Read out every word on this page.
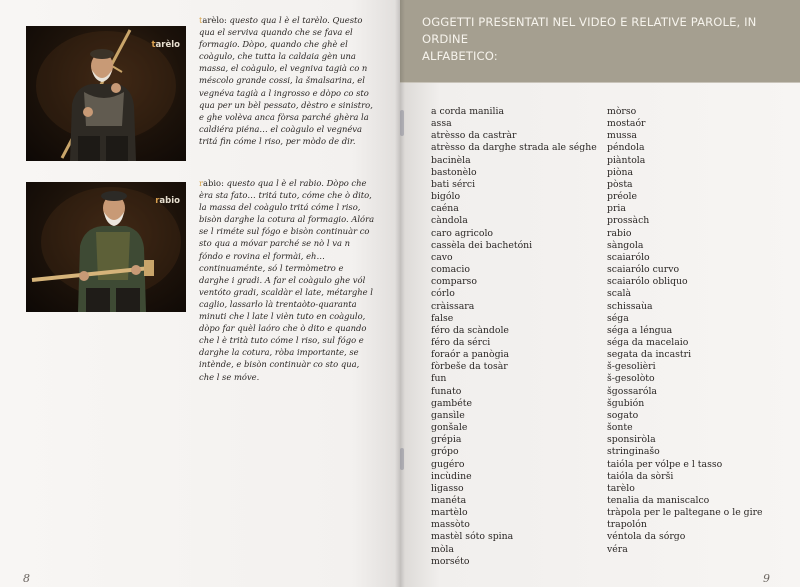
tarèlo
tarèlo: questo qua l è el tarèlo. Questo qua el serviva quando che se fava el formagio. Dòpo, quando che ghè el coàgulo, che tutta la caldaia gèn una massa, el coàgulo, el vegniva tagià co n méscolo grande cossi, la šmalsarina, el vegnéva tagià a l ingrosso e dòpo co sto qua per un bèl pessato, dèstro e sinistro, e ghe volèva anca fòrsa parché ghèra la caldiéra piéna… el coàgulo el vegnéva tritá fin cóme l riso, per mòdo de dir.
rabio
rabio: questo qua l è el rabio. Dòpo che èra sta fato… tritá tuto, cóme che ò dito, la massa del coàgulo tritá cóme l riso, bisòn darghe la cotura al formagio. Alóra se l riméte sul fógo e bisòn continuàr co sto qua a móvar parché se nò l va n fóndo e rovina el formài, eh… continuaménte, só l termòmetro e darghe i gradi. A far el coàgulo ghe vól ventóto gradi, scaldàr el late, métarghe l caglio, lassarlo là trentaòto-quaranta minuti che l late l vièn tuto en coàgulo, dòpo far quèl laóro che ò dito e quando che l è trità tuto cóme l riso, sul fógo e darghe la cotura, ròba importante, se intènde, e bisòn continuàr co sto qua, che l se móve.
8
OGGETTI PRESENTATI NEL VIDEO E RELATIVE PAROLE, IN ORDINE
ALFABETICO:
a corda manilia
assa
atrèsso da castràr
atrèsso da darghe strada ale séghe
bacinèla
bastonèlo
bati sérci
bigólo
caéna
càndola
caro agricolo
cassèla dei bachetóni
cavo
comacio
comparso
córlo
cràissara
false
féro da scàndole
féro da sérci
foraór a panògia
fòrbeše da tosàr
fun
funato
gambéte
gansìle
gonšale
grépia
grópo
gugéro
incùdine
ligasso
manéta
martèlo
massòto
mastèl sóto spina
mòla
morséto
mòrso
mostaór
mussa
péndola
piàntola
piòna
pòsta
préole
pria
prossàch
rabio
sàngola
scaiaról​o
scaiaról​o curvo
scaiaról​o obliquo
scalà
schissaùa
séga
séga a léngua
séga da macelaio
segata da incastri
š-gesolièri
š-gesolòto
šgossaróla
šgubión
sogato
šonte
sponsiròla
stringinašo
taióla per vólpe e l tasso
taióla da sòrši
tarèlo
tenalia da maniscalco
tràpola per le paltegane o le gire
trapolón
véntola da sórgo
véra
9
